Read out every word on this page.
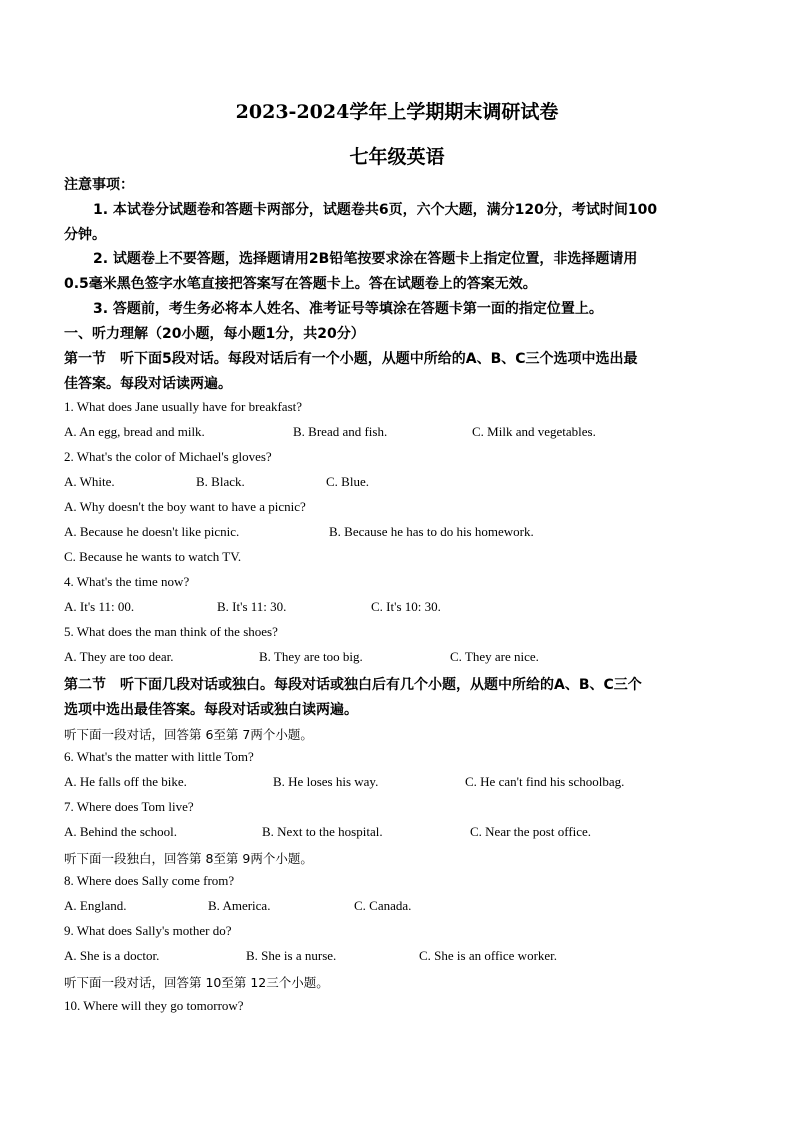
2023-2024学年上学期期末调研试卷
七年级英语
注意事项：
1. 本试卷分试题卷和答题卡两部分，试题卷共6页，六个大题，满分120分，考试时间100
分钟。
2. 试题卷上不要答题，选择题请用2B铅笔按要求涂在答题卡上指定位置，非选择题请用
0.5毫米黑色签字水笔直接把答案写在答题卡上。答在试题卷上的答案无效。
3. 答题前，考生务必将本人姓名、准考证号等填涂在答题卡第一面的指定位置上。
一、听力理解（20小题，每小题1分，共20分）
第一节　听下面5段对话。每段对话后有一个小题，从题中所给的A、B、C三个选项中选出最
佳答案。每段对话读两遍。
1. What does Jane usually have for breakfast?
A. An egg, bread and milk.	B. Bread and fish.	C. Milk and vegetables.
2. What's the color of Michael's gloves?
A. White.	B. Black.	C. Blue.
A. Why doesn't the boy want to have a picnic?
A. Because he doesn't like picnic.	B. Because he has to do his homework.
C. Because he wants to watch TV.
4. What's the time now?
A. It's 11: 00.	B. It's 11: 30.	C. It's 10: 30.
5. What does the man think of the shoes?
A. They are too dear.	B. They are too big.	C. They are nice.
第二节　听下面几段对话或独白。每段对话或独白后有几个小题，从题中所给的A、B、C三个
选项中选出最佳答案。每段对话或独白读两遍。
听下面一段对话，回答第 6至第 7两个小题。
6. What's the matter with little Tom?
A. He falls off the bike.	B. He loses his way.	C. He can't find his schoolbag.
7. Where does Tom live?
A. Behind the school.	B. Next to the hospital.	C. Near the post office.
听下面一段独白，回答第 8至第 9两个小题。
8. Where does Sally come from?
A. England.	B. America.	C. Canada.
9. What does Sally's mother do?
A. She is a doctor.	B. She is a nurse.	C. She is an office worker.
听下面一段对话，回答第 10至第 12三个小题。
10. Where will they go tomorrow?
